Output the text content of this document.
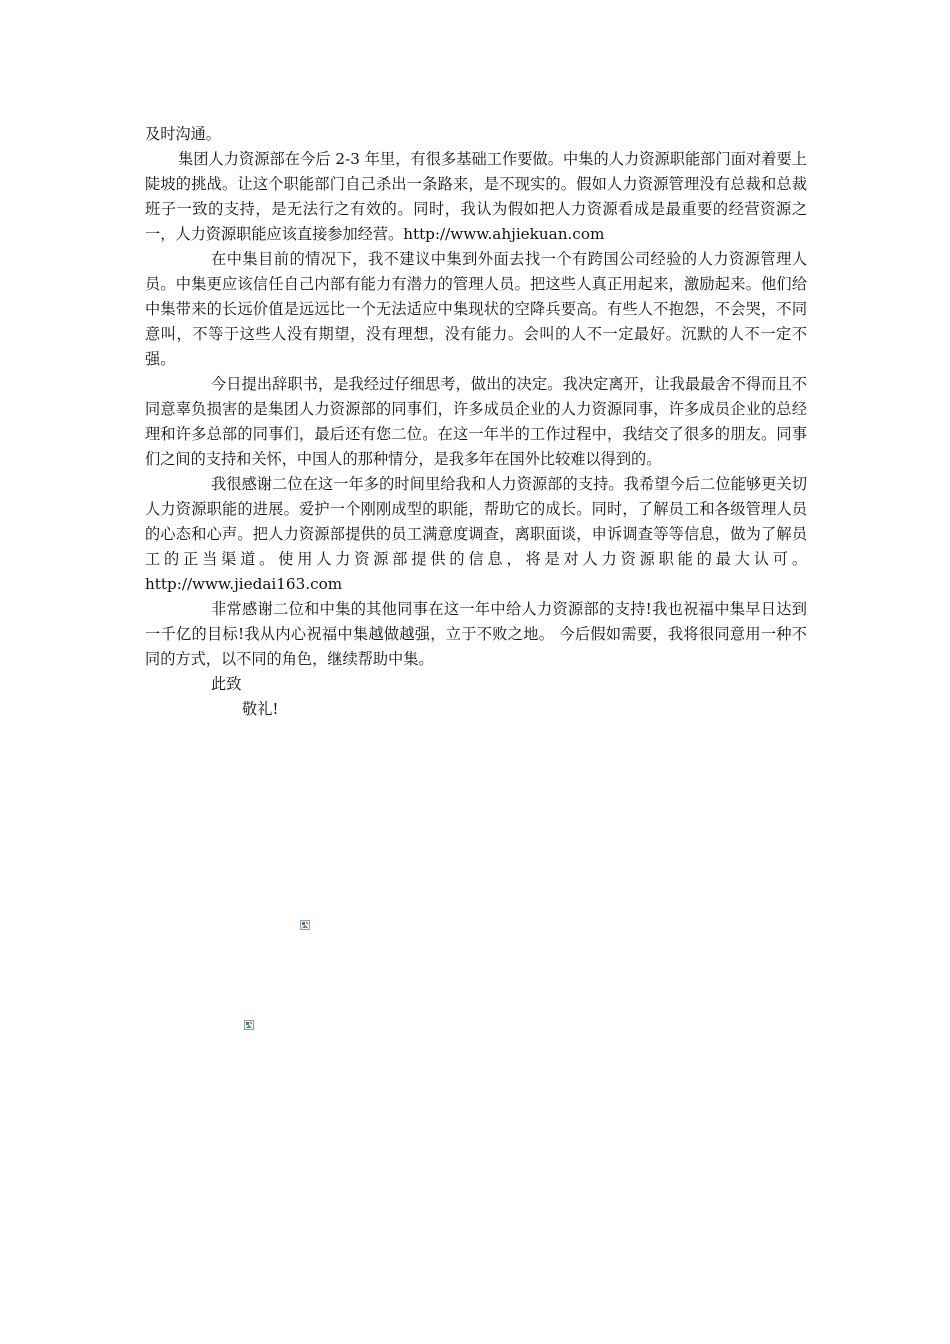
及时沟通。

集团人力资源部在今后 2-3 年里，有很多基础工作要做。中集的人力资源职能部门面对着要上陡坡的挑战。让这个职能部门自己杀出一条路来，是不现实的。假如人力资源管理没有总裁和总裁班子一致的支持，是无法行之有效的。同时，我认为假如把人力资源看成是最重要的经营资源之一，人力资源职能应该直接参加经营。http://www.ahjiekuan.com

在中集目前的情况下，我不建议中集到外面去找一个有跨国公司经验的人力资源管理人员。中集更应该信任自己内部有能力有潜力的管理人员。把这些人真正用起来，激励起来。他们给中集带来的长远价值是远远比一个无法适应中集现状的空降兵要高。有些人不抱怨，不会哭，不同意叫，不等于这些人没有期望，没有理想，没有能力。会叫的人不一定最好。沉默的人不一定不强。

今日提出辞职书，是我经过仔细思考，做出的决定。我决定离开，让我最最舍不得而且不同意辜负损害的是集团人力资源部的同事们，许多成员企业的人力资源同事，许多成员企业的总经理和许多总部的同事们，最后还有您二位。在这一年半的工作过程中，我结交了很多的朋友。同事们之间的支持和关怀，中国人的那种情分，是我多年在国外比较难以得到的。

我很感谢二位在这一年多的时间里给我和人力资源部的支持。我希望今后二位能够更关切人力资源职能的进展。爱护一个刚刚成型的职能，帮助它的成长。同时，了解员工和各级管理人员的心态和心声。把人力资源部提供的员工满意度调查，离职面谈，申诉调查等等信息，做为了解员工的正当渠道。使用人力资源部提供的信息，将是对人力资源职能的最大认可。http://www.jiedai163.com

非常感谢二位和中集的其他同事在这一年中给人力资源部的支持!我也祝福中集早日达到一千亿的目标!我从内心祝福中集越做越强，立于不败之地。 今后假如需要，我将很同意用一种不同的方式，以不同的角色，继续帮助中集。

此致

敬礼!
